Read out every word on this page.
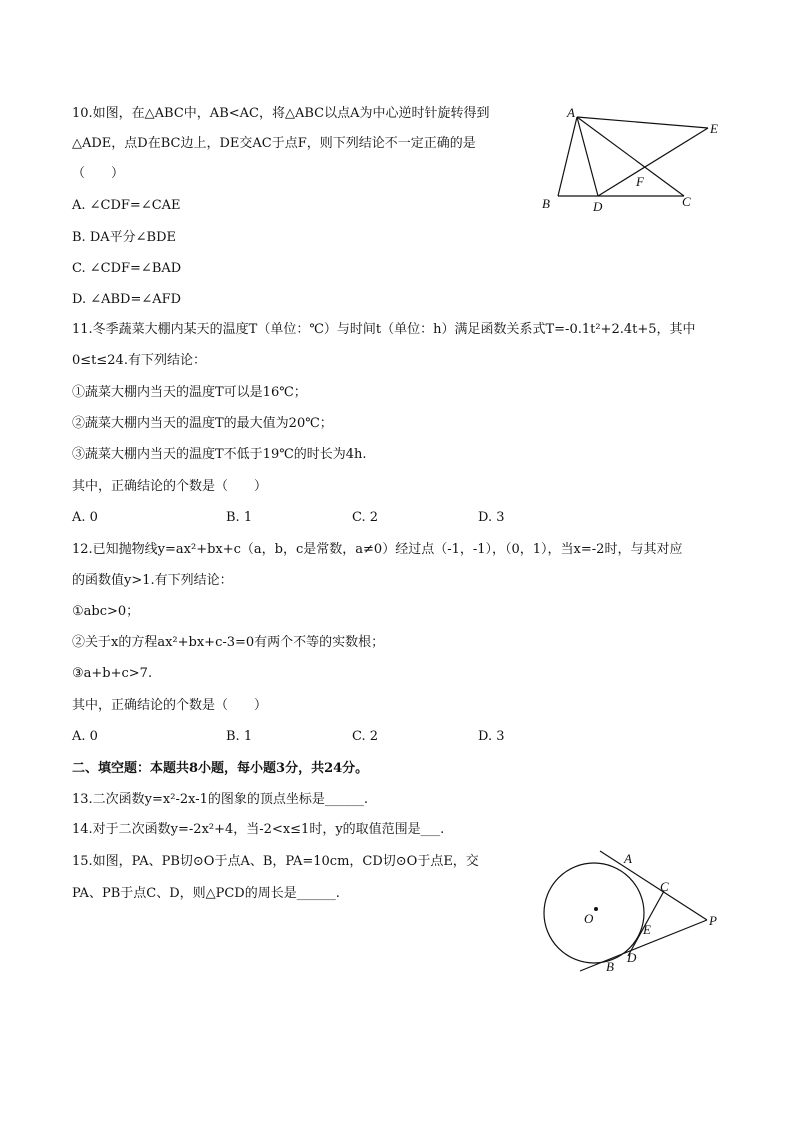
10.如图，在△ABC中，AB<AC，将△ABC以点A为中心逆时针旋转得到
△ADE，点D在BC边上，DE交AC于点F，则下列结论不一定正确的是
（　　）
A. ∠CDF=∠CAE
B. DA平分∠BDE
C. ∠CDF=∠BAD
D. ∠ABD=∠AFD
A
B	D	C
E
F
11.冬季蔬菜大棚内某天的温度T（单位：℃）与时间t（单位：h）满足函数关系式T=-0.1t²+2.4t+5，其中
0≤t≤24.有下列结论：
①蔬菜大棚内当天的温度T可以是16℃；
②蔬菜大棚内当天的温度T的最大值为20℃；
③蔬菜大棚内当天的温度T不低于19℃的时长为4h.
其中，正确结论的个数是（　　）
A. 0	B. 1	C. 2	D. 3
12.已知抛物线y=ax²+bx+c（a，b，c是常数，a≠0）经过点（-1，-1），（0，1），当x=-2时，与其对应
的函数值y>1.有下列结论：
①abc>0；
②关于x的方程ax²+bx+c-3=0有两个不等的实数根；
③a+b+c>7.
其中，正确结论的个数是（　　）
A. 0	B. 1	C. 2	D. 3
二、填空题：本题共8小题，每小题3分，共24分。
13.二次函数y=x²-2x-1的图象的顶点坐标是______.
14.对于二次函数y=-2x²+4，当-2<x≤1时，y的取值范围是___.
15.如图，PA、PB切⊙O于点A、B，PA=10cm，CD切⊙O于点E，交
PA、PB于点C、D，则△PCD的周长是______.
A
B
C
D
E
O	P
